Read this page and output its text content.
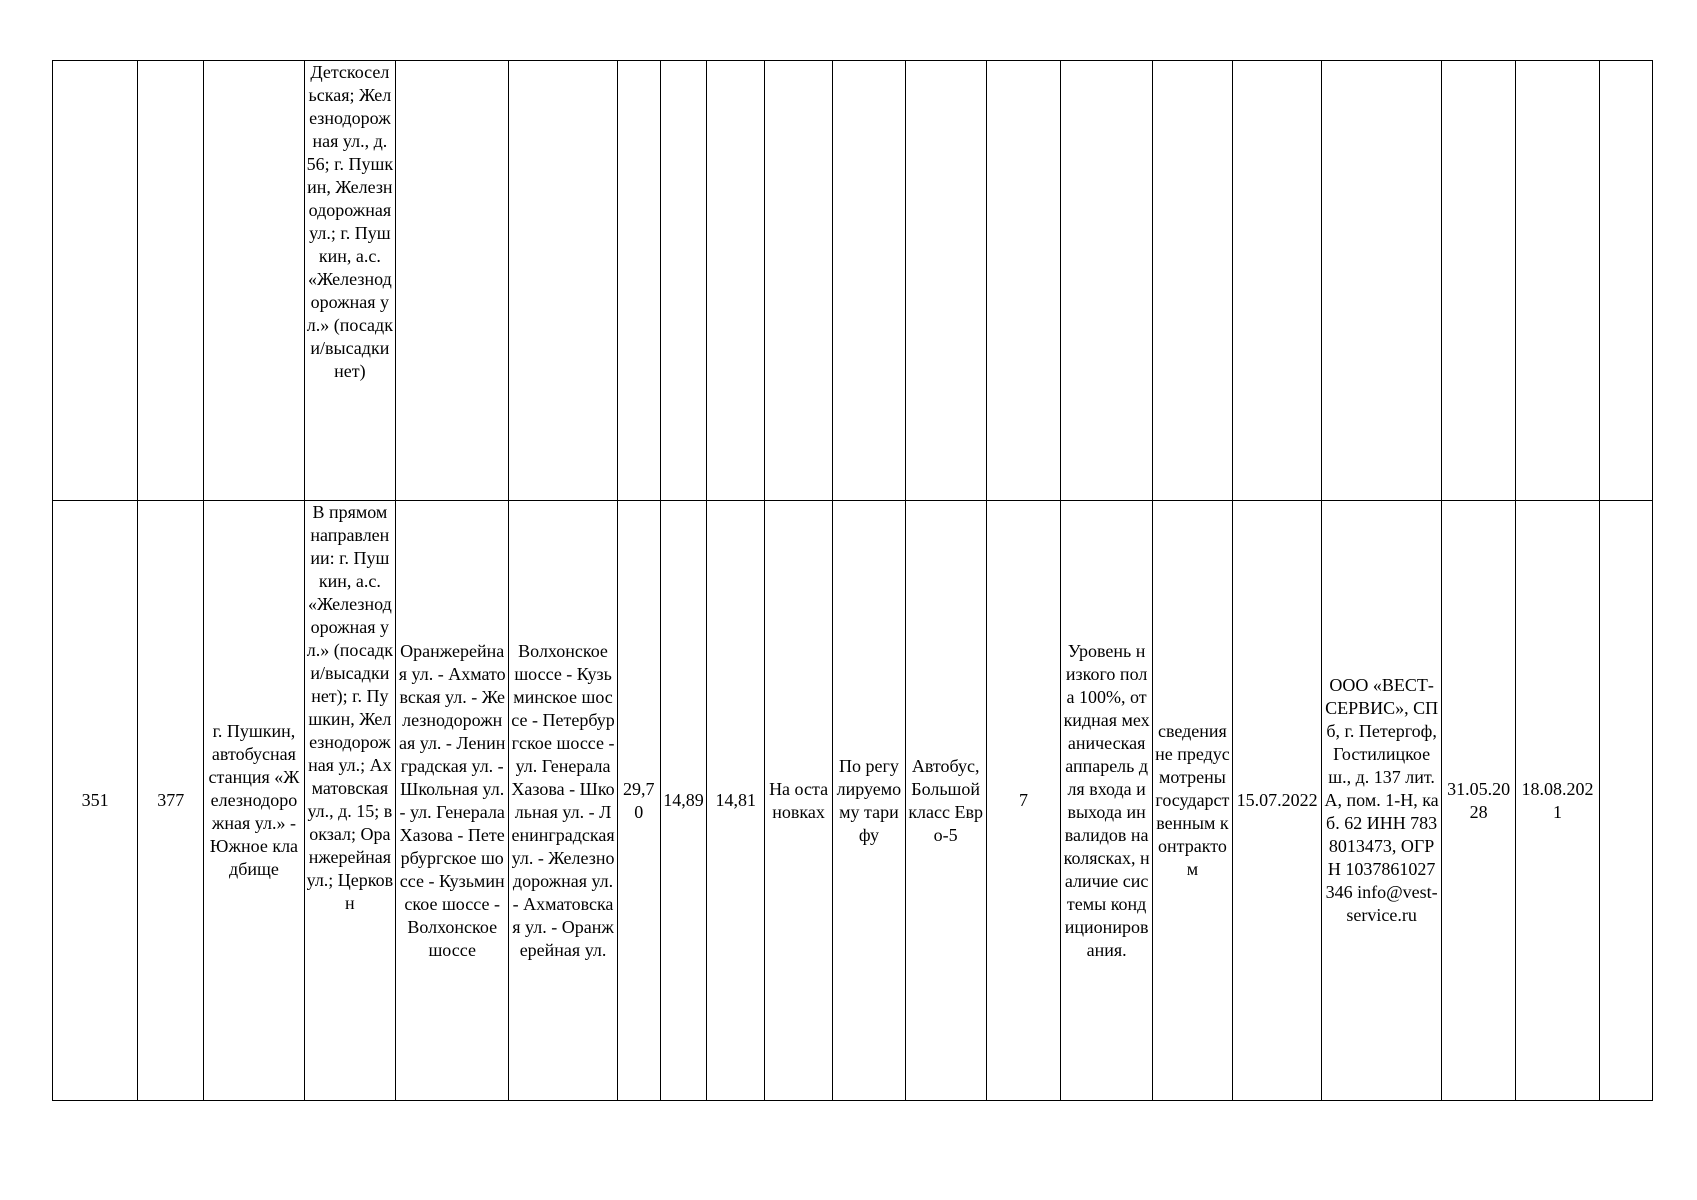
			Детскосельская; Железнодорожная ул., д. 56; г. Пушкин, Железнодорожная ул.; г. Пушкин, а.с. «Железнодорожная ул.» (посадки/высадки нет)																
351	377	г. Пушкин, автобусная станция «Железнодорожная ул.» - Южное кладбище	В прямом направлении: г. Пушкин, а.с. «Железнодорожная ул.» (посадки/высадки нет); г. Пушкин, Железнодорожная ул.; Ахматовская ул., д. 15; вокзал; Оранжерейная ул.; Церковн	Оранжерейная ул. - Ахматовская ул. - Железнодорожная ул. - Ленинградская ул. - Школьная ул. - ул. Генерала Хазова - Петербургское шоссе - Кузьминское шоссе - Волхонское шоссе	Волхонское шоссе - Кузьминское шоссе - Петербургское шоссе - ул. Генерала Хазова - Школьная ул. - Ленинградская ул. - Железнодорожная ул. - Ахматовская ул. - Оранжерейная ул.	29,70	14,89	14,81	На остановках	По регулируемому тарифу	Автобус, Большой класс Евро-5	7	Уровень низкого пола 100%, откидная механическая аппарель для входа и выхода инвалидов на колясках, наличие системы кондиционирования.	сведения не предусмотрены государственным контрактом	15.07.2022	ООО «ВЕСТ-СЕРВИС», СПб, г. Петергоф, Гостилицкое ш., д. 137 лит. А, пом. 1-Н, каб. 62 ИНН 7838013473, ОГРН 1037861027346 info@vest-service.ru	31.05.2028	18.08.2021	
